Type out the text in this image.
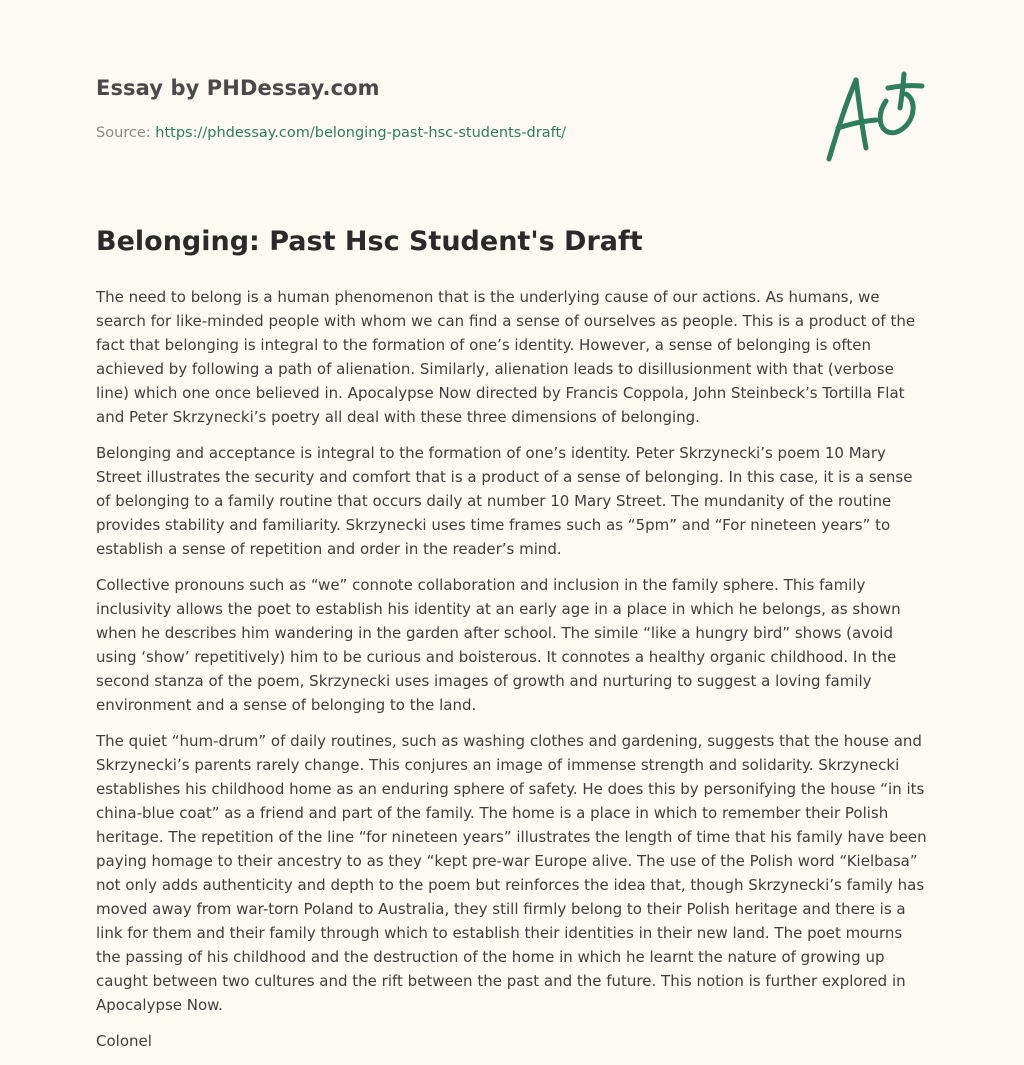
Essay by PHDessay.com
Source: https://phdessay.com/belonging-past-hsc-students-draft/
Belonging: Past Hsc Student's Draft

The need to belong is a human phenomenon that is the underlying cause of our actions. As humans, we search for like-minded people with whom we can find a sense of ourselves as people. This is a product of the fact that belonging is integral to the formation of one’s identity. However, a sense of belonging is often achieved by following a path of alienation. Similarly, alienation leads to disillusionment with that (verbose line) which one once believed in. Apocalypse Now directed by Francis Coppola, John Steinbeck’s Tortilla Flat and Peter Skrzynecki’s poetry all deal with these three dimensions of belonging.

Belonging and acceptance is integral to the formation of one’s identity. Peter Skrzynecki’s poem 10 Mary Street illustrates the security and comfort that is a product of a sense of belonging. In this case, it is a sense of belonging to a family routine that occurs daily at number 10 Mary Street. The mundanity of the routine provides stability and familiarity. Skrzynecki uses time frames such as “5pm” and “For nineteen years” to establish a sense of repetition and order in the reader’s mind.

Collective pronouns such as “we” connote collaboration and inclusion in the family sphere. This family inclusivity allows the poet to establish his identity at an early age in a place in which he belongs, as shown when he describes him wandering in the garden after school. The simile “like a hungry bird” shows (avoid using ‘show’ repetitively) him to be curious and boisterous. It connotes a healthy organic childhood. In the second stanza of the poem, Skrzynecki uses images of growth and nurturing to suggest a loving family environment and a sense of belonging to the land.

The quiet “hum-drum” of daily routines, such as washing clothes and gardening, suggests that the house and Skrzynecki’s parents rarely change. This conjures an image of immense strength and solidarity. Skrzynecki establishes his childhood home as an enduring sphere of safety. He does this by personifying the house “in its china-blue coat” as a friend and part of the family. The home is a place in which to remember their Polish heritage. The repetition of the line “for nineteen years” illustrates the length of time that his family have been paying homage to their ancestry to as they “kept pre-war Europe alive. The use of the Polish word “Kielbasa” not only adds authenticity and depth to the poem but reinforces the idea that, though Skrzynecki’s family has moved away from war-torn Poland to Australia, they still firmly belong to their Polish heritage and there is a link for them and their family through which to establish their identities in their new land. The poet mourns the passing of his childhood and the destruction of the home in which he learnt the nature of growing up caught between two cultures and the rift between the past and the future. This notion is further explored in Apocalypse Now.

Colonel
